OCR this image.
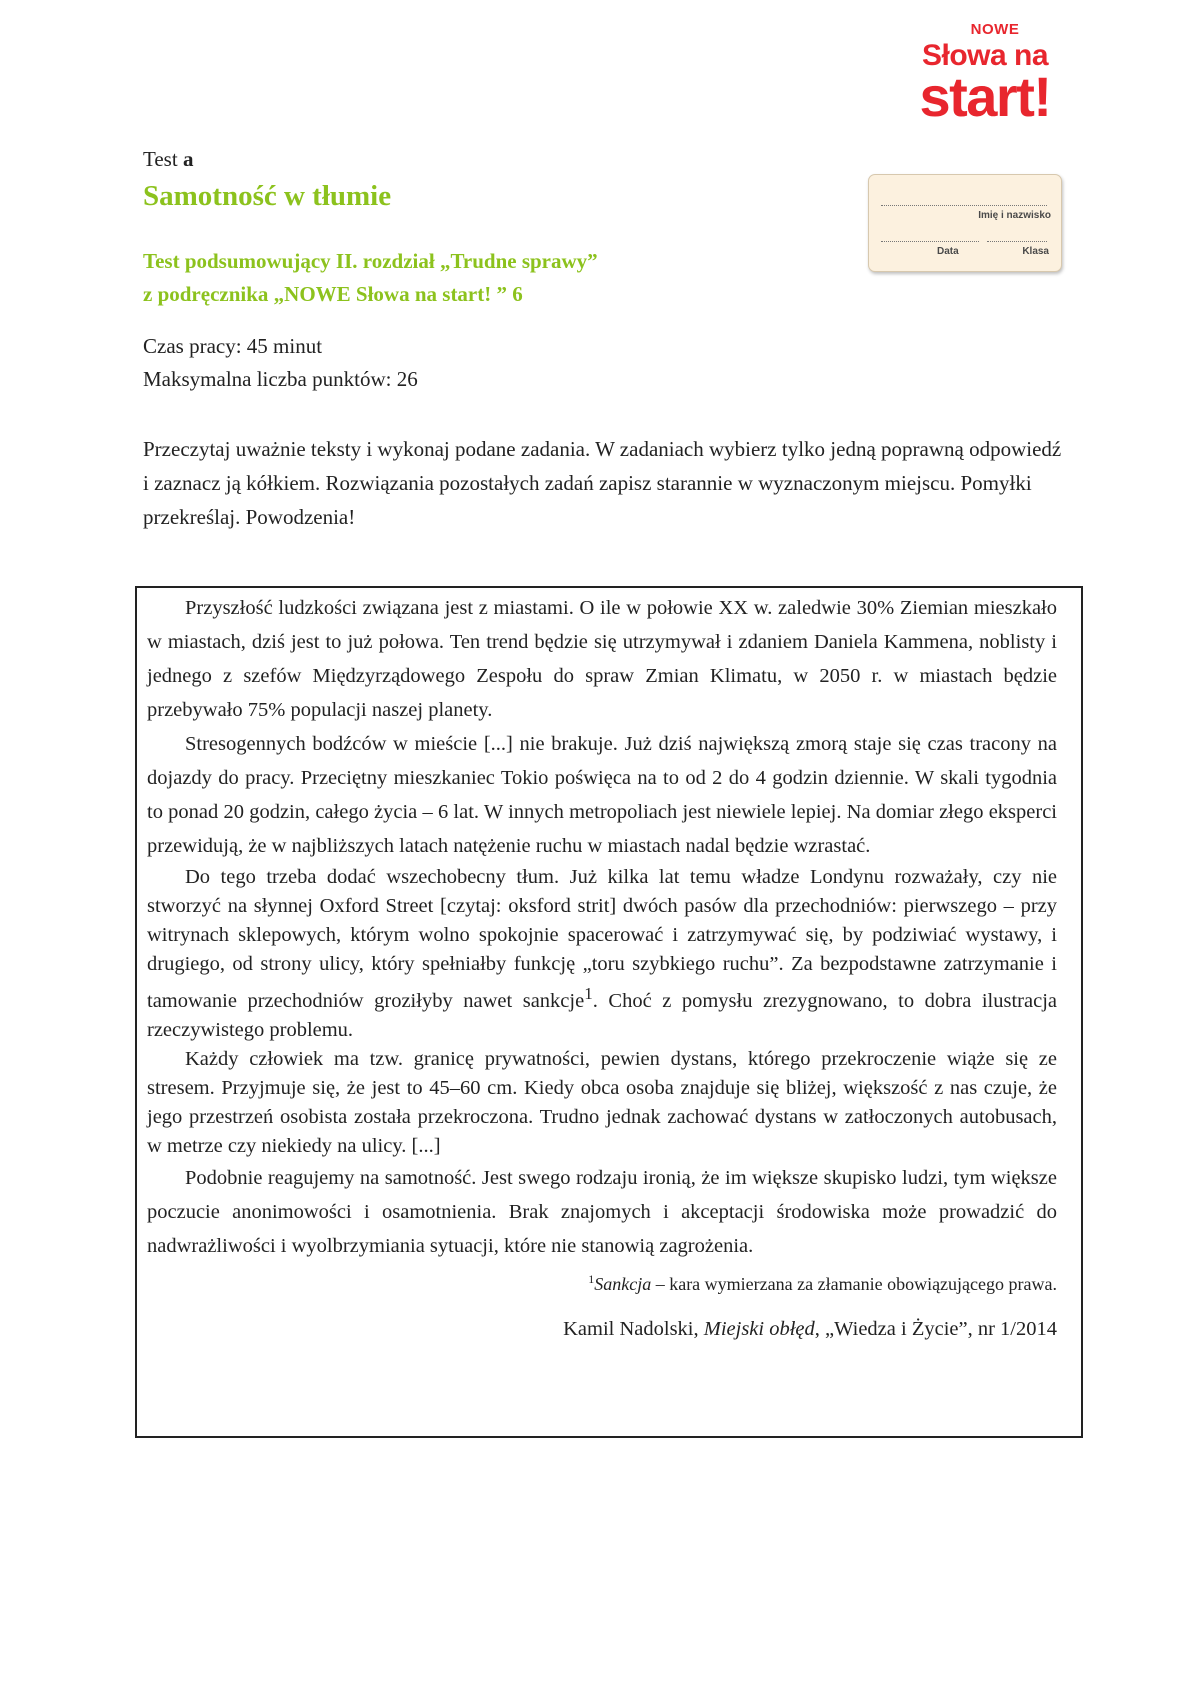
NOWE
Słowa na
start!
Imię i nazwisko
Data	Klasa
Test a
Samotność w tłumie
Test podsumowujący II. rozdział „Trudne sprawy”
z podręcznika „NOWE Słowa na start! ” 6
Czas pracy: 45 minut
Maksymalna liczba punktów: 26
Przeczytaj uważnie teksty i wykonaj podane zadania. W zadaniach wybierz tylko jedną poprawną odpowiedź i zaznacz ją kółkiem. Rozwiązania pozostałych zadań zapisz starannie w wyznaczonym miejscu. Pomyłki przekreślaj. Powodzenia!

Przyszłość ludzkości związana jest z miastami. O ile w połowie XX w. zaledwie 30% Ziemian mieszkało w miastach, dziś jest to już połowa. Ten trend będzie się utrzymywał i zdaniem Daniela Kammena, noblisty i jednego z szefów Międzyrządowego Zespołu do spraw Zmian Klimatu, w 2050 r. w miastach będzie przebywało 75% populacji naszej planety.

Stresogennych bodźców w mieście [...] nie brakuje. Już dziś największą zmorą staje się czas tracony na dojazdy do pracy. Przeciętny mieszkaniec Tokio poświęca na to od 2 do 4 godzin dziennie. W skali tygodnia to ponad 20 godzin, całego życia – 6 lat. W innych metropoliach jest niewiele lepiej. Na domiar złego eksperci przewidują, że w najbliższych latach natężenie ruchu w miastach nadal będzie wzrastać.

Do tego trzeba dodać wszechobecny tłum. Już kilka lat temu władze Londynu rozważały, czy nie stworzyć na słynnej Oxford Street [czytaj: oksford strit] dwóch pasów dla przechodniów: pierwszego – przy witrynach sklepowych, którym wolno spokojnie spacerować i zatrzymywać się, by podziwiać wystawy, i drugiego, od strony ulicy, który spełniałby funkcję „toru szybkiego ruchu”. Za bezpodstawne zatrzymanie i tamowanie przechodniów groziłyby nawet sankcje$^1$. Choć z pomysłu zrezygnowano, to dobra ilustracja rzeczywistego problemu.

Każdy człowiek ma tzw. granicę prywatności, pewien dystans, którego przekroczenie wiąże się ze stresem. Przyjmuje się, że jest to 45–60 cm. Kiedy obca osoba znajduje się bliżej, większość z nas czuje, że jego przestrzeń osobista została przekroczona. Trudno jednak zachować dystans w zatłoczonych autobusach, w metrze czy niekiedy na ulicy. [...]

Podobnie reagujemy na samotność. Jest swego rodzaju ironią, że im większe skupisko ludzi, tym większe poczucie anonimowości i osamotnienia. Brak znajomych i akceptacji środowiska może prowadzić do nadwrażliwości i wyolbrzymiania sytuacji, które nie stanowią zagrożenia.

$^1$Sankcja – kara wymierzana za złamanie obowiązującego prawa.
Kamil Nadolski, Miejski obłęd, „Wiedza i Życie”, nr 1/2014
